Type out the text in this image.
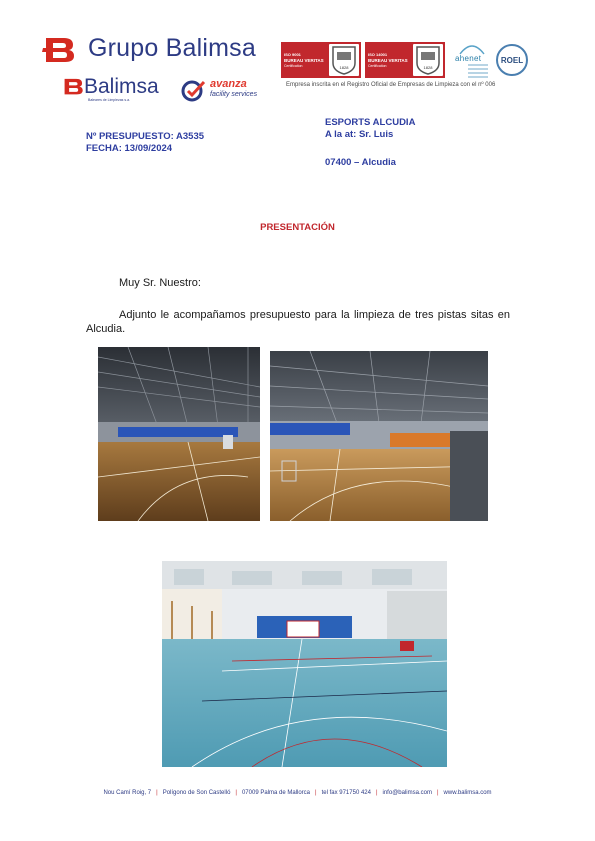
Grupo Balimsa
Balimsa
Baleares de Limpiezas s.a.
avanza
facility services
ISO 9001
BUREAU VERITAS
Certification	1828
ISO 14001
BUREAU VERITAS
Certification	1828
ahenet ROEL
Empresa inscrita en el Registro Oficial de Empresas de Limpieza con el nº 006
Nº PRESUPUESTO: A3535
FECHA: 13/09/2024
ESPORTS ALCUDIA
A la at: Sr. Luis
07400 – Alcudia
PRESENTACIÓN
Muy Sr. Nuestro:
Adjunto le acompañamos presupuesto para la limpieza de tres pistas sitas en Alcudia.
Nou Camí Roig, 7 | Polígono de Son Castelló | 07009 Palma de Mallorca | tel fax 971750 424 | info@balimsa.com | www.balimsa.com
